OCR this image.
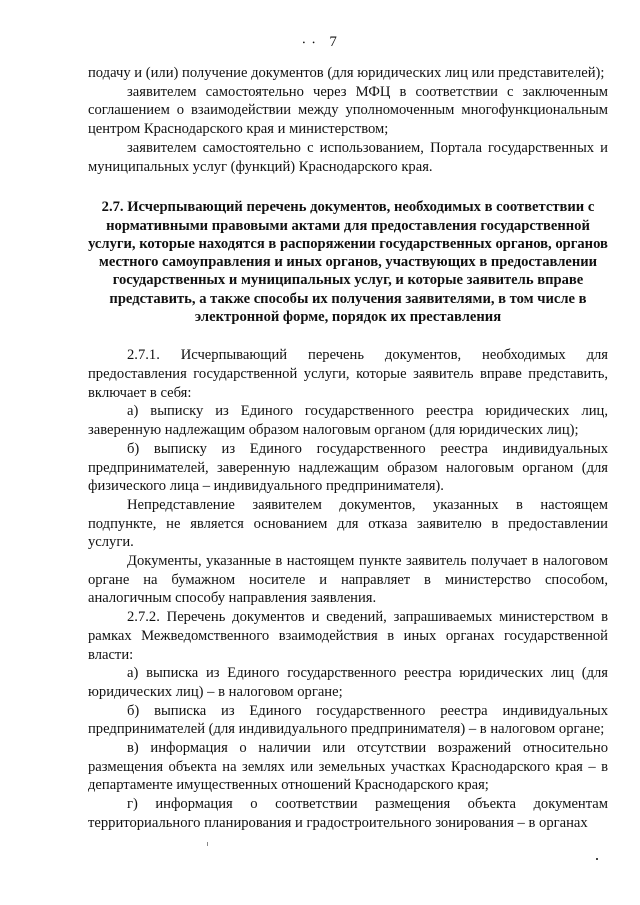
•   • 7

подачу и (или) получение документов (для юридических лиц или представителей);

заявителем самостоятельно через МФЦ в соответствии с заключенным соглашением о взаимодействии между уполномоченным многофункциональным центром Краснодарского края и министерством;

заявителем самостоятельно с использованием, Портала государственных и муниципальных услуг (функций) Краснодарского края.

2.7. Исчерпывающий перечень документов, необходимых в соответствии с нормативными правовыми актами для предоставления государственной услуги, которые находятся в распоряжении государственных органов, органов местного самоуправления и иных органов, участвующих в предоставлении государственных и муниципальных услуг, и которые заявитель вправе представить, а также способы их получения заявителями, в том числе в электронной форме, порядок их преставления

2.7.1. Исчерпывающий перечень документов, необходимых для предоставления государственной услуги, которые заявитель вправе представить, включает в себя:

а) выписку из Единого государственного реестра юридических лиц, заверенную надлежащим образом налоговым органом (для юридических лиц);

б) выписку из Единого государственного реестра индивидуальных предпринимателей, заверенную надлежащим образом налоговым органом (для физического лица – индивидуального предпринимателя).

Непредставление заявителем документов, указанных в настоящем подпункте, не является основанием для отказа заявителю в предоставлении услуги.

Документы, указанные в настоящем пункте заявитель получает в налоговом органе на бумажном носителе и направляет в министерство способом, аналогичным способу направления заявления.

2.7.2. Перечень документов и сведений, запрашиваемых министерством в рамках Межведомственного взаимодействия в иных органах государственной власти:

а) выписка из Единого государственного реестра юридических лиц (для юридических лиц) – в налоговом органе;

б) выписка из Единого государственного реестра индивидуальных предпринимателей (для индивидуального предпринимателя) – в налоговом органе;

в) информация о наличии или отсутствии возражений относительно размещения объекта на землях или земельных участках Краснодарского края – в департаменте имущественных отношений Краснодарского края;

г) информация о соответствии размещения объекта документам территориального планирования и градостроительного зонирования – в органах
